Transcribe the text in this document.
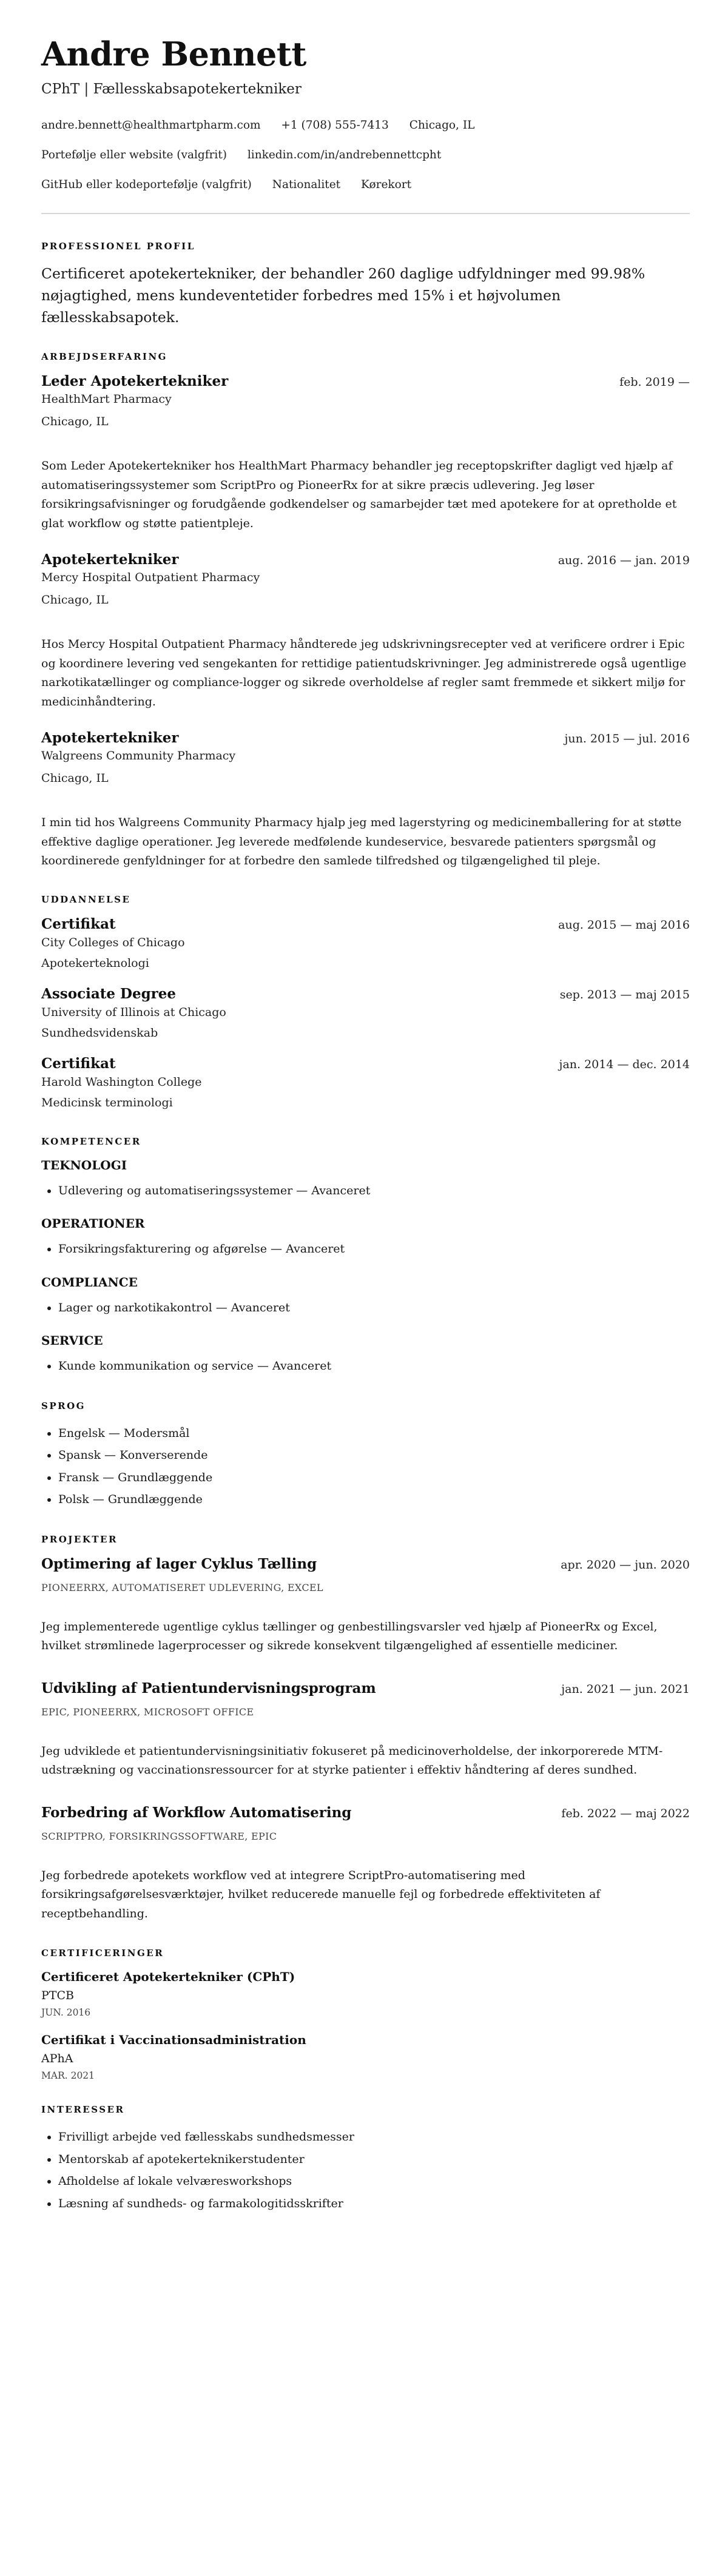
Andre Bennett
CPhT | Fællesskabsapotekertekniker
andre.bennett@healthmartpharm.com +1 (708) 555-7413 Chicago, IL
Portefølje eller website (valgfrit) linkedin.com/in/andrebennettcpht
GitHub eller kodeportefølje (valgfrit) Nationalitet Kørekort
PROFESSIONEL PROFIL

Certificeret apotekertekniker, der behandler 260 daglige udfyldninger med 99.98% nøjagtighed, mens kundeventetider forbedres med 15% i et højvolumen fællesskabsapotek.

ARBEJDSERFARING
Leder Apotekertekniker	feb. 2019 —
HealthMart Pharmacy
Chicago, IL

Som Leder Apotekertekniker hos HealthMart Pharmacy behandler jeg receptopskrifter dagligt ved hjælp af automatiseringssystemer som ScriptPro og PioneerRx for at sikre præcis udlevering. Jeg løser forsikringsafvisninger og forudgående godkendelser og samarbejder tæt med apotekere for at opretholde et glat workflow og støtte patientpleje.

Apotekertekniker	aug. 2016 — jan. 2019
Mercy Hospital Outpatient Pharmacy
Chicago, IL

Hos Mercy Hospital Outpatient Pharmacy håndterede jeg udskrivningsrecepter ved at verificere ordrer i Epic og koordinere levering ved sengekanten for rettidige patientudskrivninger. Jeg administrerede også ugentlige narkotikatællinger og compliance-logger og sikrede overholdelse af regler samt fremmede et sikkert miljø for medicinhåndtering.

Apotekertekniker	jun. 2015 — jul. 2016
Walgreens Community Pharmacy
Chicago, IL

I min tid hos Walgreens Community Pharmacy hjalp jeg med lagerstyring og medicinemballering for at støtte effektive daglige operationer. Jeg leverede medfølende kundeservice, besvarede patienters spørgsmål og koordinerede genfyldninger for at forbedre den samlede tilfredshed og tilgængelighed til pleje.

UDDANNELSE
Certifikat	aug. 2015 — maj 2016
City Colleges of Chicago
Apotekerteknologi
Associate Degree	sep. 2013 — maj 2015
University of Illinois at Chicago
Sundhedsvidenskab
Certifikat	jan. 2014 — dec. 2014
Harold Washington College
Medicinsk terminologi
KOMPETENCER
TEKNOLOGI
• Udlevering og automatiseringssystemer — Avanceret
OPERATIONER
• Forsikringsfakturering og afgørelse — Avanceret
COMPLIANCE
• Lager og narkotikakontrol — Avanceret
SERVICE
• Kunde kommunikation og service — Avanceret
SPROG
• Engelsk — Modersmål
• Spansk — Konverserende
• Fransk — Grundlæggende
• Polsk — Grundlæggende
PROJEKTER
Optimering af lager Cyklus Tælling	apr. 2020 — jun. 2020
PIONEERRX, AUTOMATISERET UDLEVERING, EXCEL

Jeg implementerede ugentlige cyklus tællinger og genbestillingsvarsler ved hjælp af PioneerRx og Excel, hvilket strømlinede lagerprocesser og sikrede konsekvent tilgængelighed af essentielle mediciner.

Udvikling af Patientundervisningsprogram	jan. 2021 — jun. 2021
EPIC, PIONEERRX, MICROSOFT OFFICE

Jeg udviklede et patientundervisningsinitiativ fokuseret på medicinoverholdelse, der inkorporerede MTM-udstrækning og vaccinationsressourcer for at styrke patienter i effektiv håndtering af deres sundhed.

Forbedring af Workflow Automatisering	feb. 2022 — maj 2022
SCRIPTPRO, FORSIKRINGSSOFTWARE, EPIC

Jeg forbedrede apotekets workflow ved at integrere ScriptPro-automatisering med forsikringsafgørelsesværktøjer, hvilket reducerede manuelle fejl og forbedrede effektiviteten af receptbehandling.

CERTIFICERINGER
Certificeret Apotekertekniker (CPhT)
PTCB
JUN. 2016
Certifikat i Vaccinationsadministration
APhA
MAR. 2021
INTERESSER
• Frivilligt arbejde ved fællesskabs sundhedsmesser
• Mentorskab af apotekerteknikerstudenter
• Afholdelse af lokale velværesworkshops
• Læsning af sundheds- og farmakologitidsskrifter
